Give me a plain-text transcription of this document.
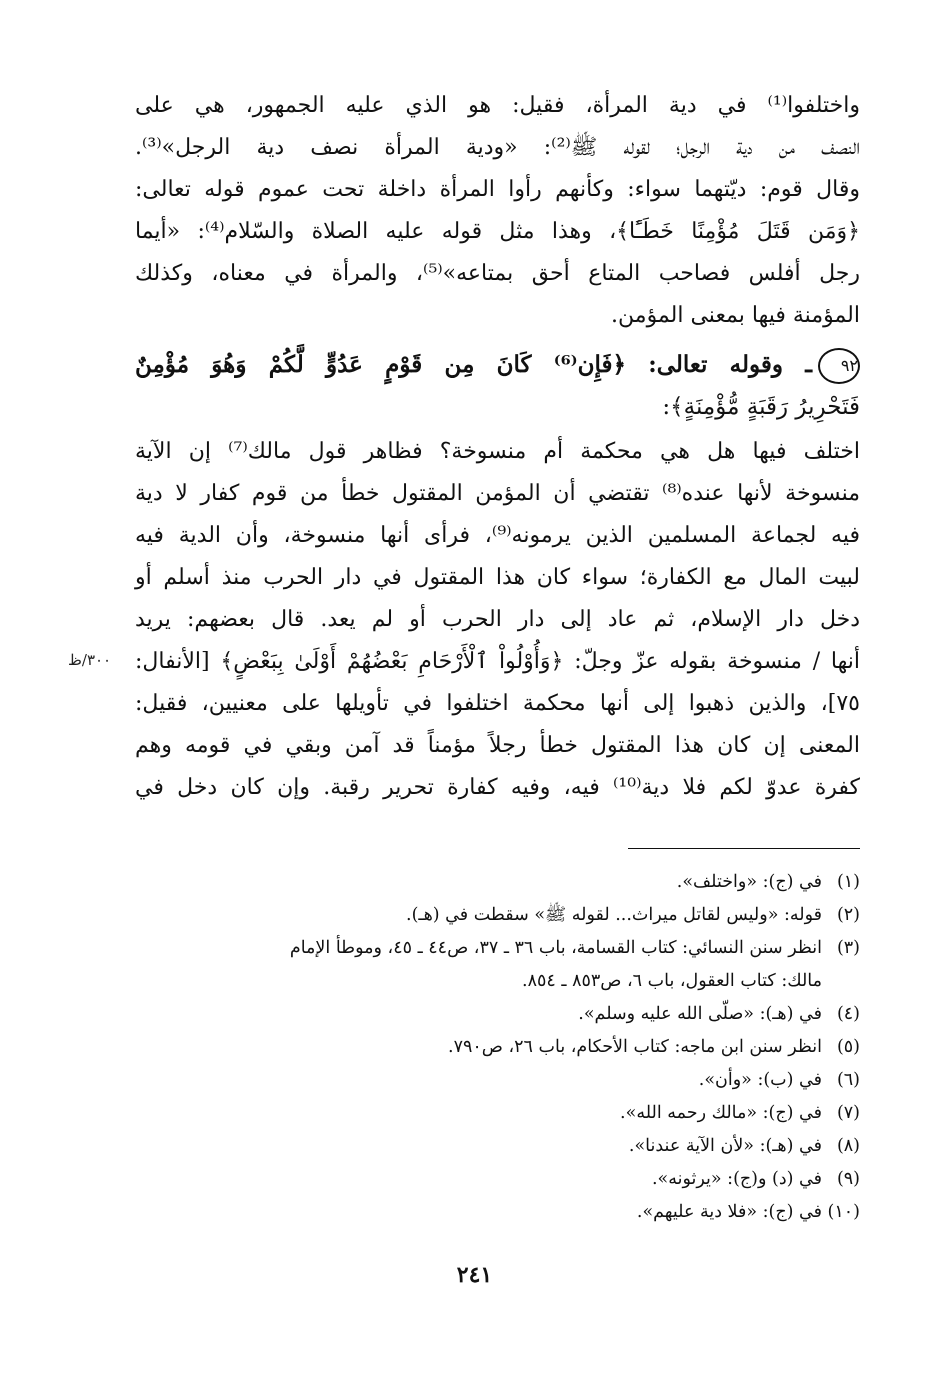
واختلفوا⁽¹⁾ في دية المرأة، فقيل: هو الذي عليه الجمهور، هي على
النصف من دية الرجل؛ لقوله ﷺ⁽²⁾: «ودية المرأة نصف دية الرجل»⁽³⁾.
وقال قوم: ديّتهما سواء: وكأنهم رأوا المرأة داخلة تحت عموم قوله تعالى:
﴿وَمَن قَتَلَ مُؤْمِنًا خَطَـًٔا﴾، وهذا مثل قوله عليه الصلاة والسّلام⁽⁴⁾: «أيما
رجل أفلس فصاحب المتاع أحق بمتاعه»⁽⁵⁾، والمرأة في معناه، وكذلك
المؤمنة فيها بمعنى المؤمن.
٩٢ـ وقوله تعالى: ﴿فَإِن⁽⁶⁾ كَانَ مِن قَوْمٍ عَدُوٍّ لَّكُمْ وَهُوَ مُؤْمِنٌ
فَتَحْرِيرُ رَقَبَةٍ مُّؤْمِنَةٍ﴾:
اختلف فيها هل هي محكمة أم منسوخة؟ فظاهر قول مالك⁽⁷⁾ إن الآية
منسوخة لأنها عنده⁽⁸⁾ تقتضي أن المؤمن المقتول خطأ من قوم كفار لا دية
فيه لجماعة المسلمين الذين يرمونه⁽⁹⁾، فرأى أنها منسوخة، وأن الدية فيه
لبيت المال مع الكفارة؛ سواء كان هذا المقتول في دار الحرب منذ أسلم أو
دخل دار الإسلام، ثم عاد إلى دار الحرب أو لم يعد. قال بعضهم: يريد
أنها / منسوخة بقوله عزّ وجلّ: ﴿وَأُوْلُواْ ٱلْأَرْحَامِ بَعْضُهُمْ أَوْلَىٰ بِبَعْضٍ﴾ [الأنفال:
٧٥]، والذين ذهبوا إلى أنها محكمة اختلفوا في تأويلها على معنيين، فقيل:
المعنى إن كان هذا المقتول خطأ رجلاً مؤمناً قد آمن وبقي في قومه وهم
كفرة عدوّ لكم فلا دية⁽¹⁰⁾ فيه، وفيه كفارة تحرير رقبة. وإن كان دخل في
٣٠٠/ظ
(١)في (ج): «واختلف».
(٢)قوله: «وليس لقاتل ميراث... لقوله ﷺ» سقطت في (هـ).
(٣)انظر سنن النسائي: كتاب القسامة، باب ٣٦ ـ ٣٧، ص٤٤ ـ ٤٥، وموطأ الإمام
مالك: كتاب العقول، باب ٦، ص٨٥٣ ـ ٨٥٤.
(٤)في (هـ): «صلّى الله عليه وسلم».
(٥)انظر سنن ابن ماجه: كتاب الأحكام، باب ٢٦، ص٧٩٠.
(٦)في (ب): «وأن».
(٧)في (ج): «مالك رحمه الله».
(٨)في (هـ): «لأن الآية عندنا».
(٩)في (د) و(ج): «يرثونه».
(١٠)في (ج): «فلا دية عليهم».
٢٤١
